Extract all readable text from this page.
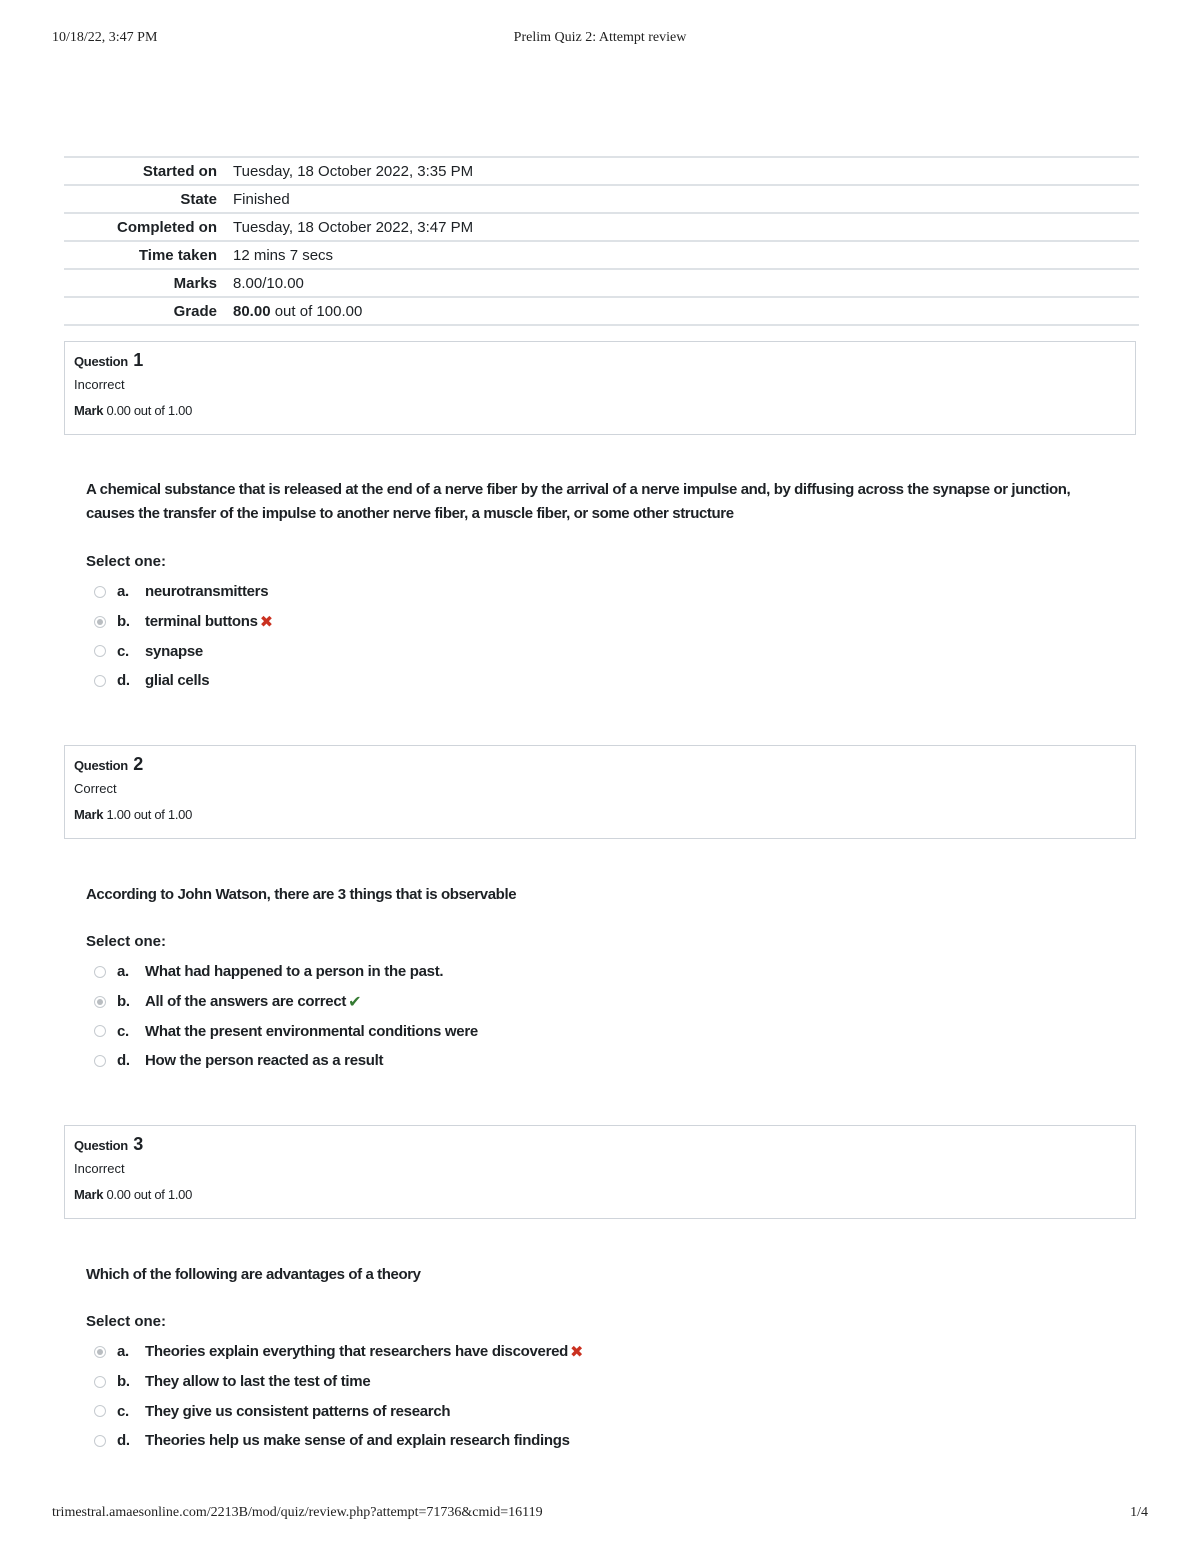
10/18/22, 3:47 PM	Prelim Quiz 2: Attempt review
Started on	Tuesday, 18 October 2022, 3:35 PM
State	Finished
Completed on	Tuesday, 18 October 2022, 3:47 PM
Time taken	12 mins 7 secs
Marks	8.00/10.00
Grade	80.00 out of 100.00
Question 1
Incorrect
Mark 0.00 out of 1.00
A chemical substance that is released at the end of a nerve fiber by the arrival of a nerve impulse and, by diffusing across the synapse or junction, causes the transfer of the impulse to another nerve fiber, a muscle fiber, or some other structure
Select one:
a.	neurotransmitters
b.	terminal buttons ✖
c.	synapse
d.	glial cells
Question 2
Correct
Mark 1.00 out of 1.00
According to John Watson, there are 3 things that is observable
Select one:
a.	What had happened to a person in the past.
b.	All of the answers are correct ✔
c.	What the present environmental conditions were
d.	How the person reacted as a result
Question 3
Incorrect
Mark 0.00 out of 1.00
Which of the following are advantages of a theory
Select one:
a.	Theories explain everything that researchers have discovered ✖
b.	They allow to last the test of time
c.	They give us consistent patterns of research
d.	Theories help us make sense of and explain research findings
trimestral.amaesonline.com/2213B/mod/quiz/review.php?attempt=71736&cmid=16119	1/4
